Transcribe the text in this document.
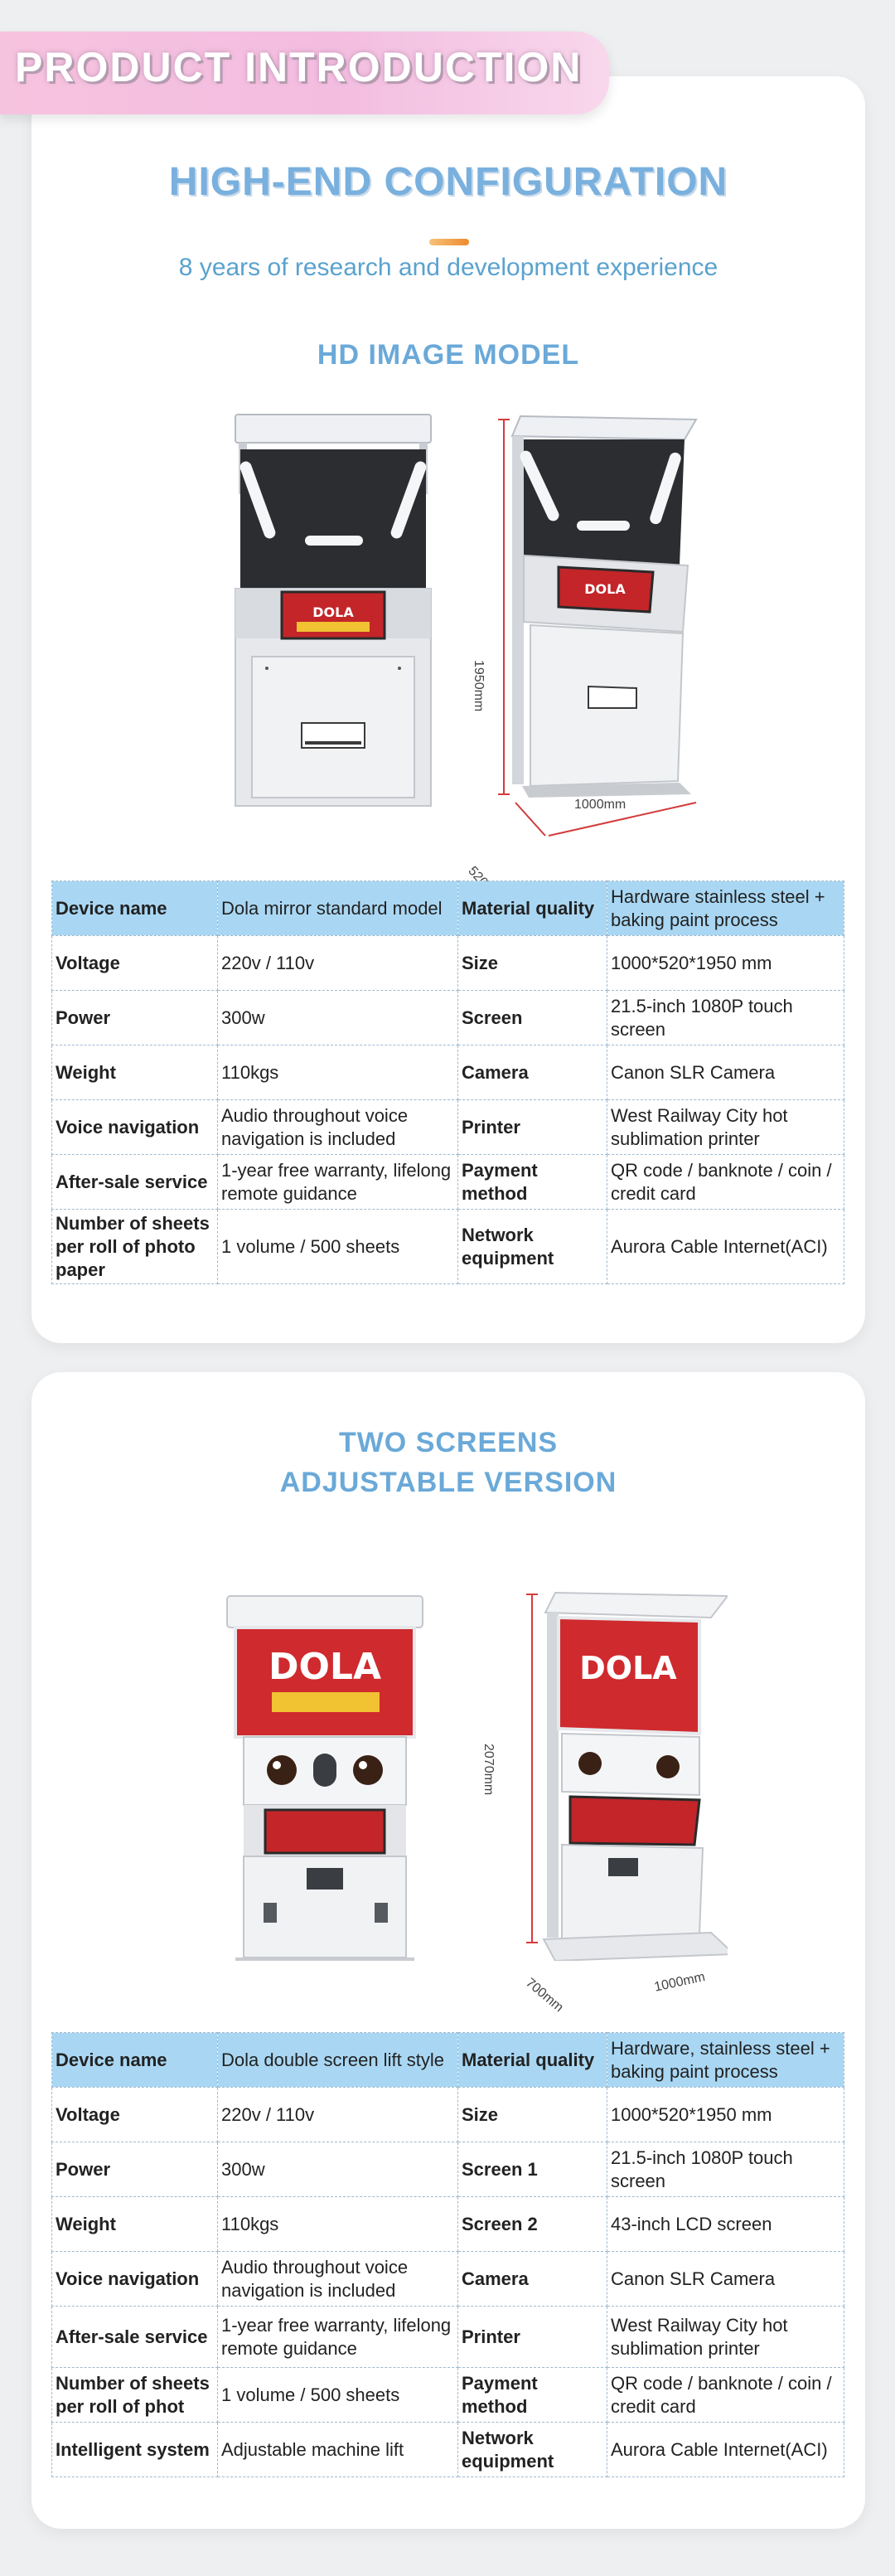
PRODUCT INTRODUCTION
HIGH-END CONFIGURATION
8 years of research and development experience
HD IMAGE MODEL
DOLA
DOLA
1950mm
1000mm
Device name	Dola mirror standard model	Material quality	Hardware stainless steel + baking paint process
Voltage	220v / 110v	Size	1000*520*1950 mm
Power	300w	Screen	21.5-inch 1080P touch screen
Weight	110kgs	Camera	Canon SLR Camera
Voice navigation	Audio throughout voice navigation is included	Printer	West Railway City hot sublimation printer
After-sale service	1-year free warranty, lifelong remote guidance	Payment method	QR code / banknote / coin / credit card
Number of sheets per roll of photo paper	1 volume / 500 sheets	Network equipment	Aurora Cable Internet(ACI)
TWO SCREENS
ADJUSTABLE VERSION
DOLA	DOLA
2070mm
700mm	1000mm
Device name	Dola double screen lift style	Material quality	Hardware, stainless steel + baking paint process
Voltage	220v / 110v	Size	1000*520*1950 mm
Power	300w	Screen 1	21.5-inch 1080P touch screen
Weight	110kgs	Screen 2	43-inch LCD screen
Voice navigation	Audio throughout voice navigation is included	Camera	Canon SLR Camera
After-sale service	1-year free warranty, lifelong remote guidance	Printer	West Railway City hot sublimation printer
Number of sheets per roll of phot	1 volume / 500 sheets	Payment method	QR code / banknote / coin / credit card
Intelligent system	Adjustable machine lift	Network equipment	Aurora Cable Internet(ACI)
